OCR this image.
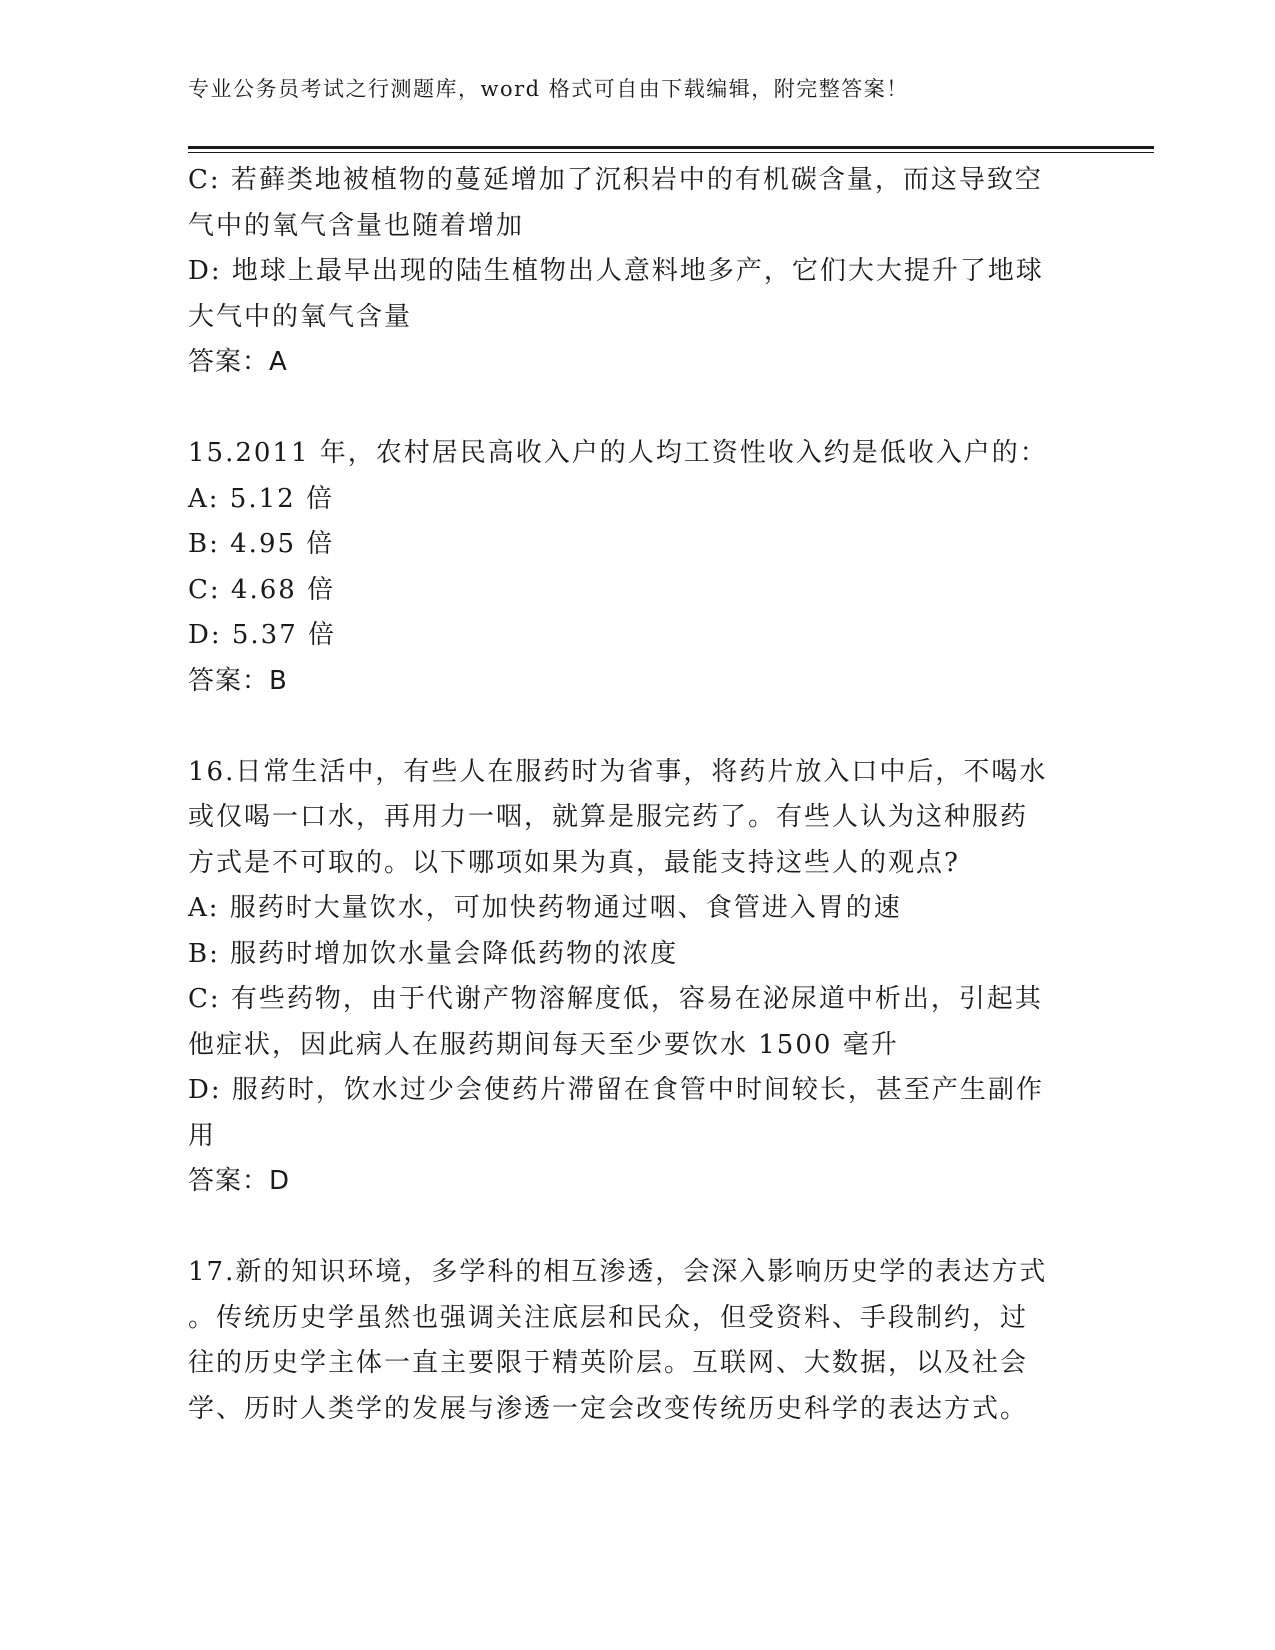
专业公务员考试之行测题库，word 格式可自由下载编辑，附完整答案！
C: 若藓类地被植物的蔓延增加了沉积岩中的有机碳含量，而这导致空
气中的氧气含量也随着增加
D: 地球上最早出现的陆生植物出人意料地多产，它们大大提升了地球
大气中的氧气含量
答案：A
15.2011 年，农村居民高收入户的人均工资性收入约是低收入户的：
A: 5.12 倍
B: 4.95 倍
C: 4.68 倍
D: 5.37 倍
答案：B
16.日常生活中，有些人在服药时为省事，将药片放入口中后，不喝水
或仅喝一口水，再用力一咽，就算是服完药了。有些人认为这种服药
方式是不可取的。以下哪项如果为真，最能支持这些人的观点?
A: 服药时大量饮水，可加快药物通过咽、食管进入胃的速
B: 服药时增加饮水量会降低药物的浓度
C: 有些药物，由于代谢产物溶解度低，容易在泌尿道中析出，引起其
他症状，因此病人在服药期间每天至少要饮水 1500 毫升
D: 服药时，饮水过少会使药片滞留在食管中时间较长，甚至产生副作
用
答案：D
17.新的知识环境，多学科的相互渗透，会深入影响历史学的表达方式
。传统历史学虽然也强调关注底层和民众，但受资料、手段制约，过
往的历史学主体一直主要限于精英阶层。互联网、大数据，以及社会
学、历时人类学的发展与渗透一定会改变传统历史科学的表达方式。
